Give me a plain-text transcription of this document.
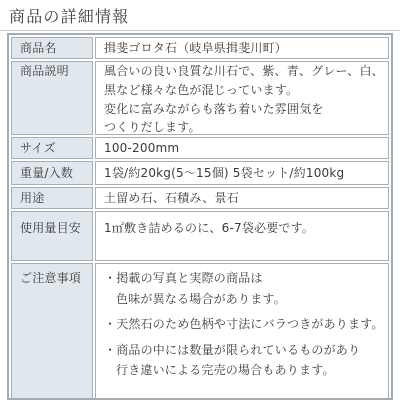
商品の詳細情報
商品名	揖斐ゴロタ石（岐阜県揖斐川町）
商品説明	風合いの良い良質な川石で、紫、青、グレー、白、
黒など様々な色が混じっています。
変化に富みながらも落ち着いた雰囲気を
つくりだします。
サイズ	100-200mm
重量/入数	1袋/約20kg(5〜15個) 5袋セット/約100kg
用途	土留め石、石積み、景石
使用量目安	1㎡敷き詰めるのに、6-7袋必要です。
ご注意事項	・掲載の写真と実際の商品は
色味が異なる場合があります。
・天然石のため色柄や寸法にバラつきがあります。
・商品の中には数量が限られているものがあり
行き違いによる完売の場合もあります。
